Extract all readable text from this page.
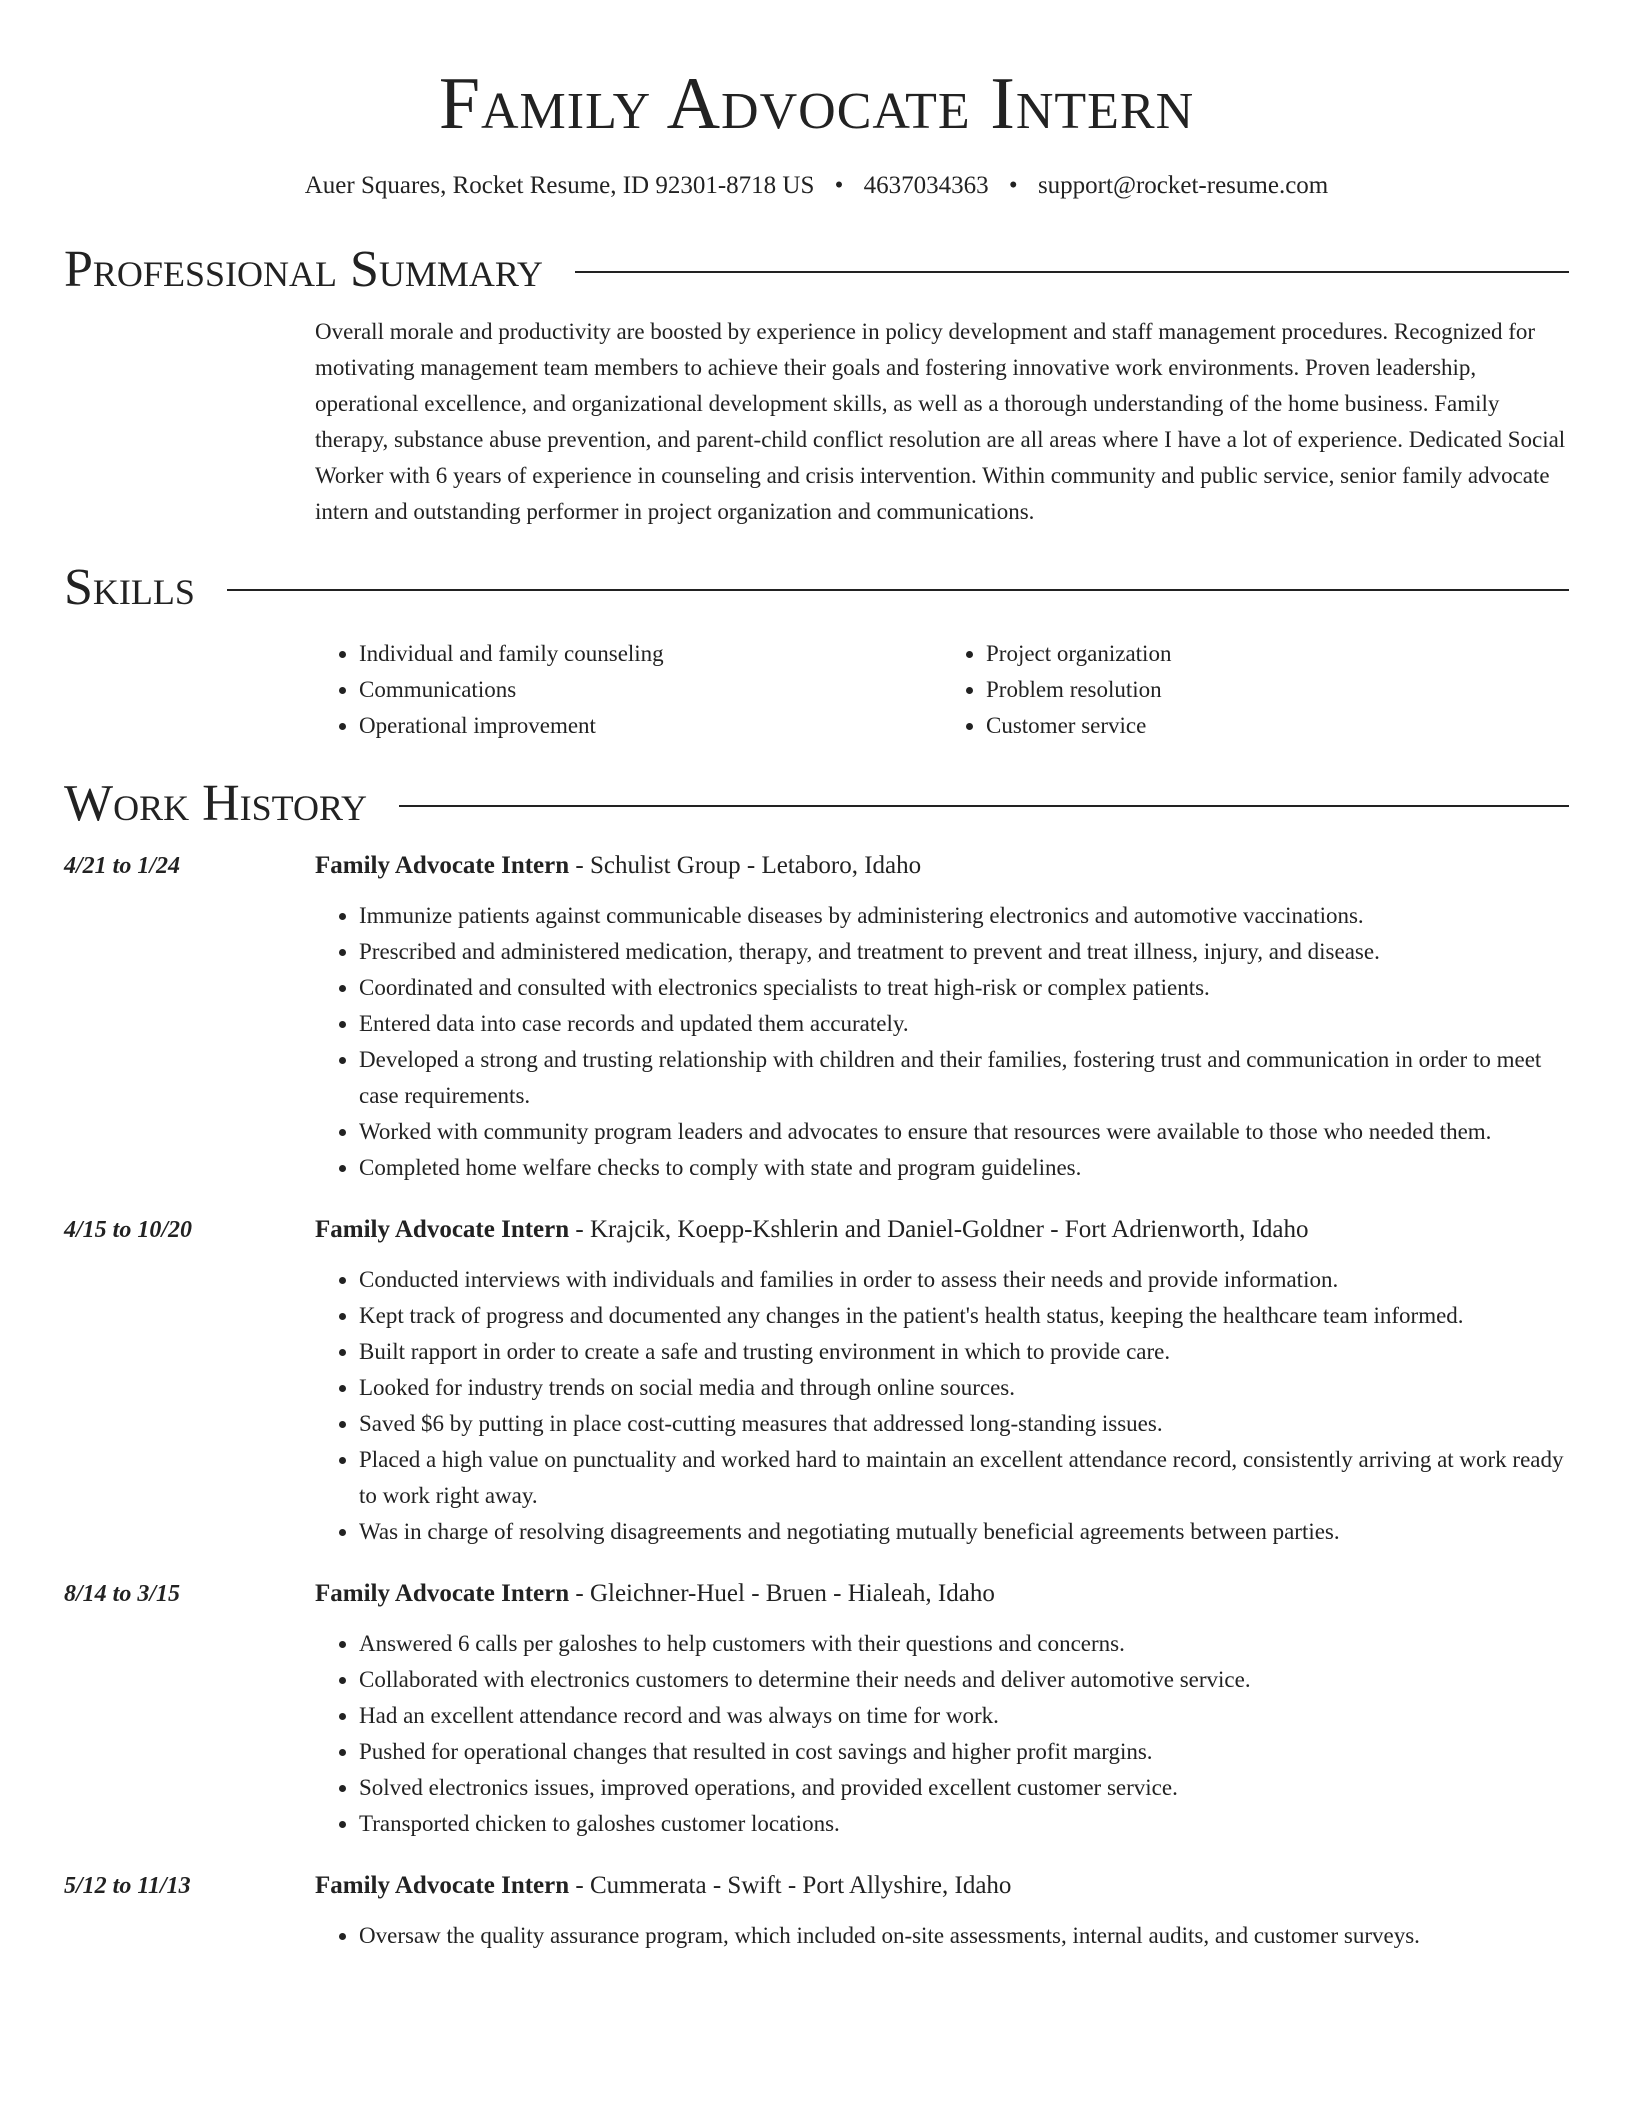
Family Advocate Intern
Auer Squares, Rocket Resume, ID 92301-8718 US • 4637034363 • support@rocket-resume.com
Professional Summary
Overall morale and productivity are boosted by experience in policy development and staff management procedures. Recognized for motivating management team members to achieve their goals and fostering innovative work environments. Proven leadership, operational excellence, and organizational development skills, as well as a thorough understanding of the home business. Family therapy, substance abuse prevention, and parent-child conflict resolution are all areas where I have a lot of experience. Dedicated Social Worker with 6 years of experience in counseling and crisis intervention. Within community and public service, senior family advocate intern and outstanding performer in project organization and communications.
Skills
• Individual and family counseling
• Communications
• Operational improvement
• Project organization
• Problem resolution
• Customer service
Work History
4/21 to 1/24	Family Advocate Intern - Schulist Group - Letaboro, Idaho
• Immunize patients against communicable diseases by administering electronics and automotive vaccinations.
• Prescribed and administered medication, therapy, and treatment to prevent and treat illness, injury, and disease.
• Coordinated and consulted with electronics specialists to treat high-risk or complex patients.
• Entered data into case records and updated them accurately.
• Developed a strong and trusting relationship with children and their families, fostering trust and communication in order to meet case requirements.
• Worked with community program leaders and advocates to ensure that resources were available to those who needed them.
• Completed home welfare checks to comply with state and program guidelines.
4/15 to 10/20	Family Advocate Intern - Krajcik, Koepp-Kshlerin and Daniel-Goldner - Fort Adrienworth, Idaho
• Conducted interviews with individuals and families in order to assess their needs and provide information.
• Kept track of progress and documented any changes in the patient's health status, keeping the healthcare team informed.
• Built rapport in order to create a safe and trusting environment in which to provide care.
• Looked for industry trends on social media and through online sources.
• Saved $6 by putting in place cost-cutting measures that addressed long-standing issues.
• Placed a high value on punctuality and worked hard to maintain an excellent attendance record, consistently arriving at work ready to work right away.
• Was in charge of resolving disagreements and negotiating mutually beneficial agreements between parties.
8/14 to 3/15	Family Advocate Intern - Gleichner-Huel - Bruen - Hialeah, Idaho
• Answered 6 calls per galoshes to help customers with their questions and concerns.
• Collaborated with electronics customers to determine their needs and deliver automotive service.
• Had an excellent attendance record and was always on time for work.
• Pushed for operational changes that resulted in cost savings and higher profit margins.
• Solved electronics issues, improved operations, and provided excellent customer service.
• Transported chicken to galoshes customer locations.
5/12 to 11/13	Family Advocate Intern - Cummerata - Swift - Port Allyshire, Idaho
• Oversaw the quality assurance program, which included on-site assessments, internal audits, and customer surveys.
